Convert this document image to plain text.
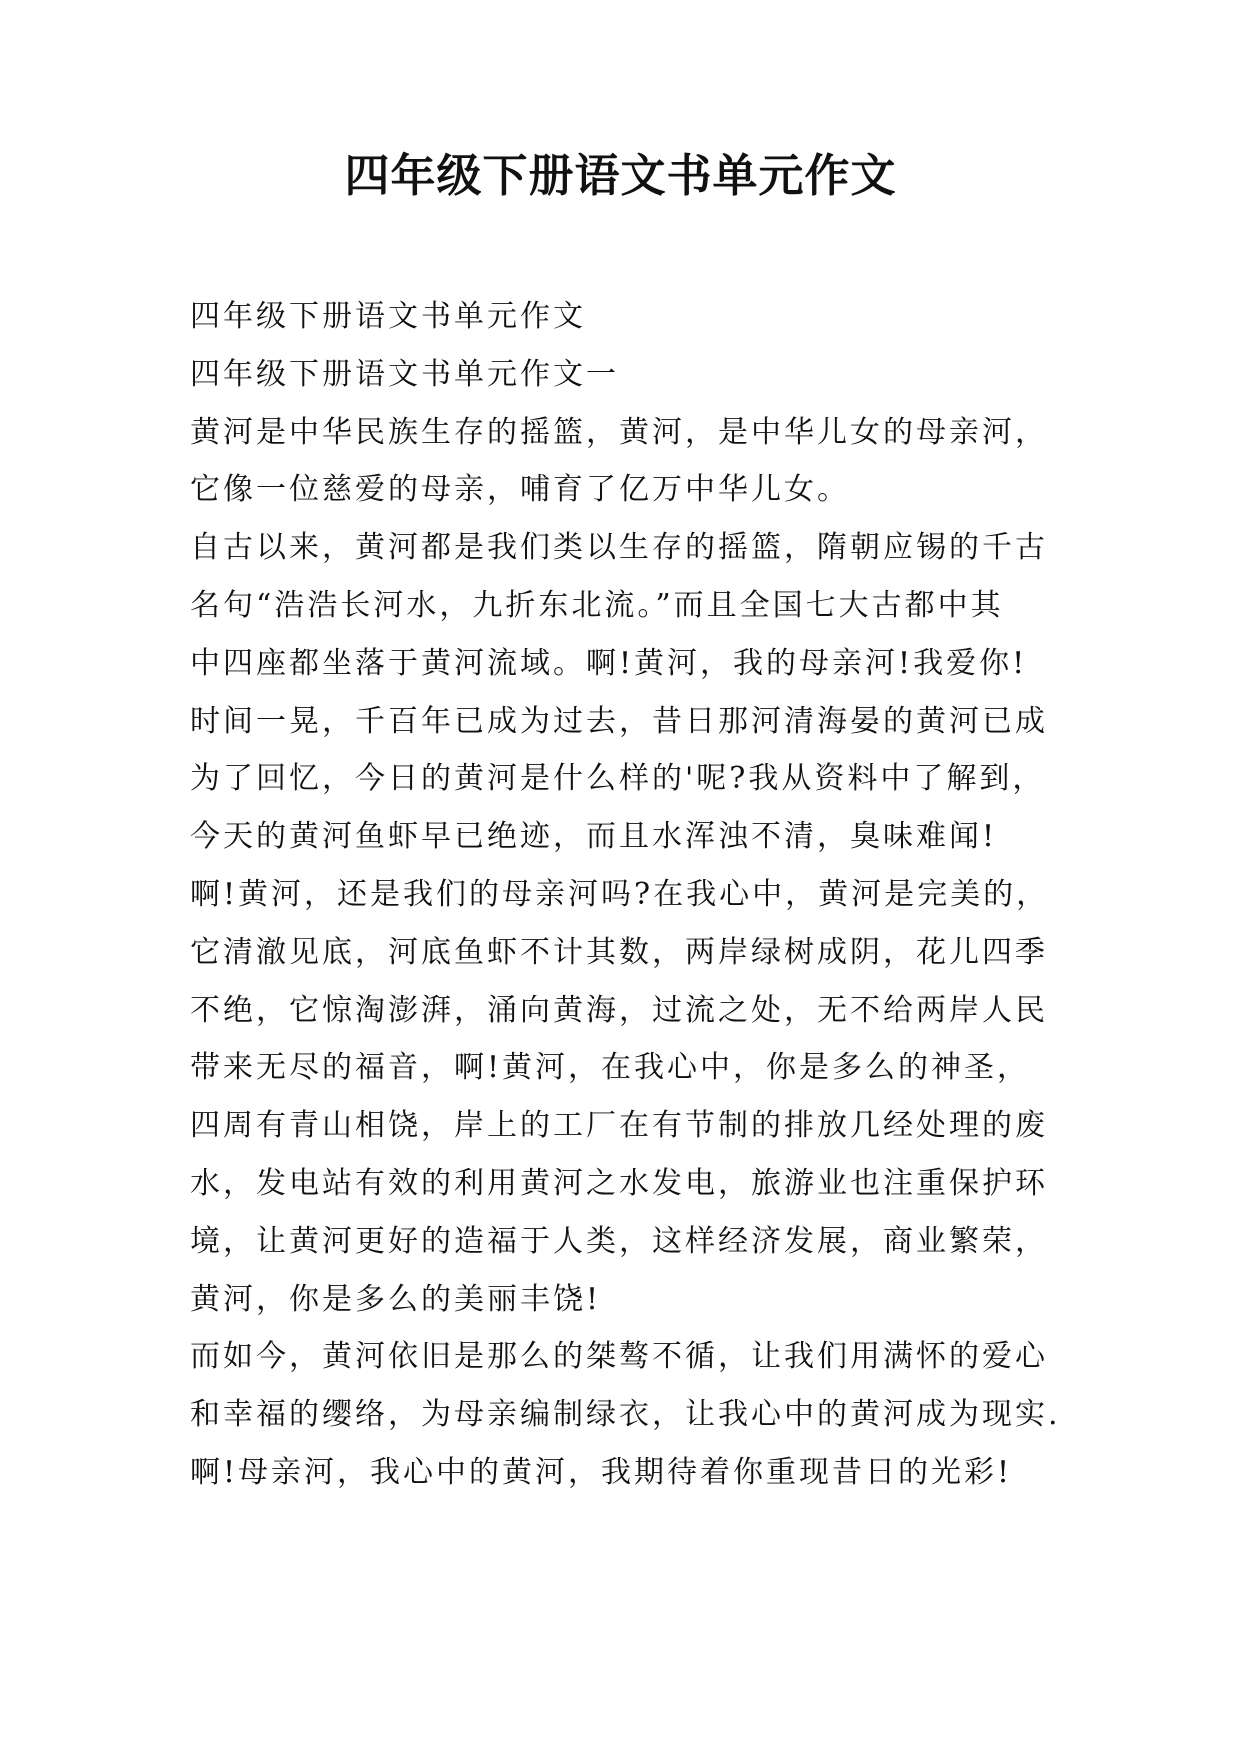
四年级下册语文书单元作文
四年级下册语文书单元作文
四年级下册语文书单元作文一
黄河是中华民族生存的摇篮，黄河，是中华儿女的母亲河，
它像一位慈爱的母亲，哺育了亿万中华儿女。
自古以来，黄河都是我们类以生存的摇篮，隋朝应锡的千古
名句“浩浩长河水，九折东北流。”而且全国七大古都中其
中四座都坐落于黄河流域。啊!黄河，我的母亲河!我爱你!
时间一晃，千百年已成为过去，昔日那河清海晏的黄河已成
为了回忆，今日的黄河是什么样的'呢?我从资料中了解到，
今天的黄河鱼虾早已绝迹，而且水浑浊不清，臭味难闻!
啊!黄河，还是我们的母亲河吗?在我心中，黄河是完美的，
它清澈见底，河底鱼虾不计其数，两岸绿树成阴，花儿四季
不绝，它惊淘澎湃，涌向黄海，过流之处，无不给两岸人民
带来无尽的福音，啊!黄河，在我心中，你是多么的神圣，
四周有青山相饶，岸上的工厂在有节制的排放几经处理的废
水，发电站有效的利用黄河之水发电，旅游业也注重保护环
境，让黄河更好的造福于人类，这样经济发展，商业繁荣，
黄河，你是多么的美丽丰饶!
而如今，黄河依旧是那么的桀骜不循，让我们用满怀的爱心
和幸福的缨络，为母亲编制绿衣，让我心中的黄河成为现实.
啊!母亲河，我心中的黄河，我期待着你重现昔日的光彩!
